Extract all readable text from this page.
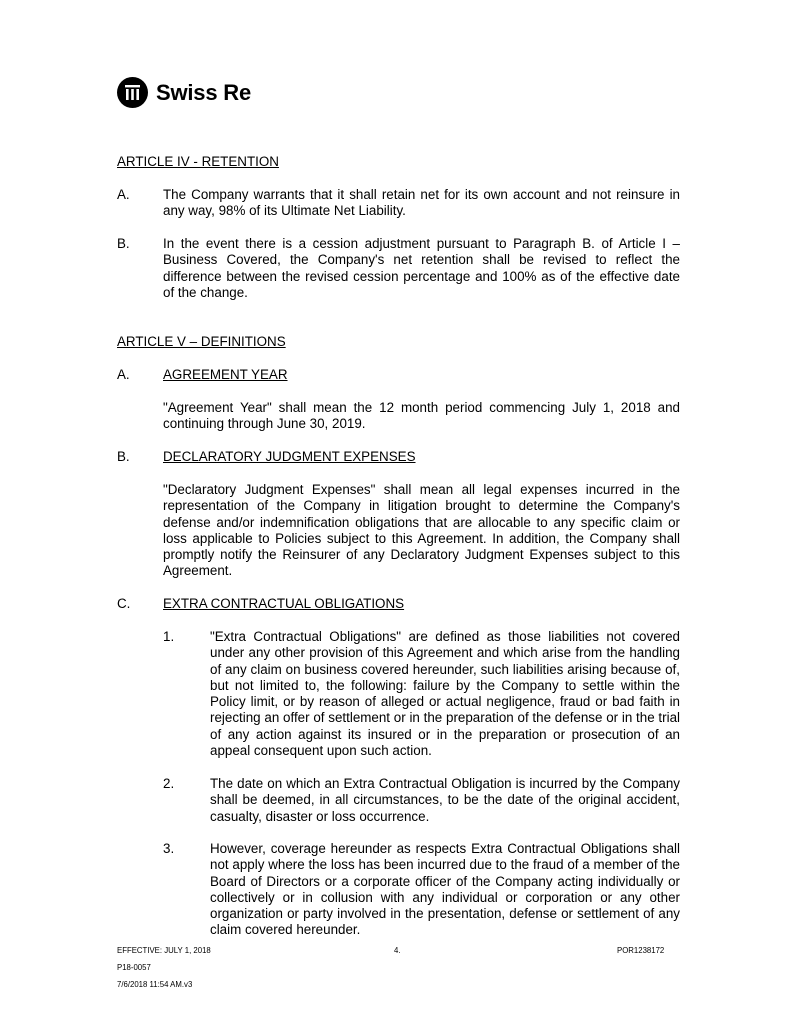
Swiss Re
ARTICLE IV - RETENTION
A. The Company warrants that it shall retain net for its own account and not reinsure in any way, 98% of its Ultimate Net Liability.
B. In the event there is a cession adjustment pursuant to Paragraph B. of Article I – Business Covered, the Company's net retention shall be revised to reflect the difference between the revised cession percentage and 100% as of the effective date of the change.
ARTICLE V – DEFINITIONS
A. AGREEMENT YEAR
"Agreement Year" shall mean the 12 month period commencing July 1, 2018 and continuing through June 30, 2019.
B. DECLARATORY JUDGMENT EXPENSES
"Declaratory Judgment Expenses" shall mean all legal expenses incurred in the representation of the Company in litigation brought to determine the Company's defense and/or indemnification obligations that are allocable to any specific claim or loss applicable to Policies subject to this Agreement. In addition, the Company shall promptly notify the Reinsurer of any Declaratory Judgment Expenses subject to this Agreement.
C. EXTRA CONTRACTUAL OBLIGATIONS
1.	"Extra Contractual Obligations" are defined as those liabilities not covered under any other provision of this Agreement and which arise from the handling of any claim on business covered hereunder, such liabilities arising because of, but not limited to, the following: failure by the Company to settle within the Policy limit, or by reason of alleged or actual negligence, fraud or bad faith in rejecting an offer of settlement or in the preparation of the defense or in the trial of any action against its insured or in the preparation or prosecution of an appeal consequent upon such action.
2.	The date on which an Extra Contractual Obligation is incurred by the Company shall be deemed, in all circumstances, to be the date of the original accident, casualty, disaster or loss occurrence.
3.	However, coverage hereunder as respects Extra Contractual Obligations shall not apply where the loss has been incurred due to the fraud of a member of the Board of Directors or a corporate officer of the Company acting individually or collectively or in collusion with any individual or corporation or any other organization or party involved in the presentation, defense or settlement of any claim covered hereunder.
EFFECTIVE: JULY 1, 2018	4.	POR1238172
P18-0057
7/6/2018 11:54 AM.v3
